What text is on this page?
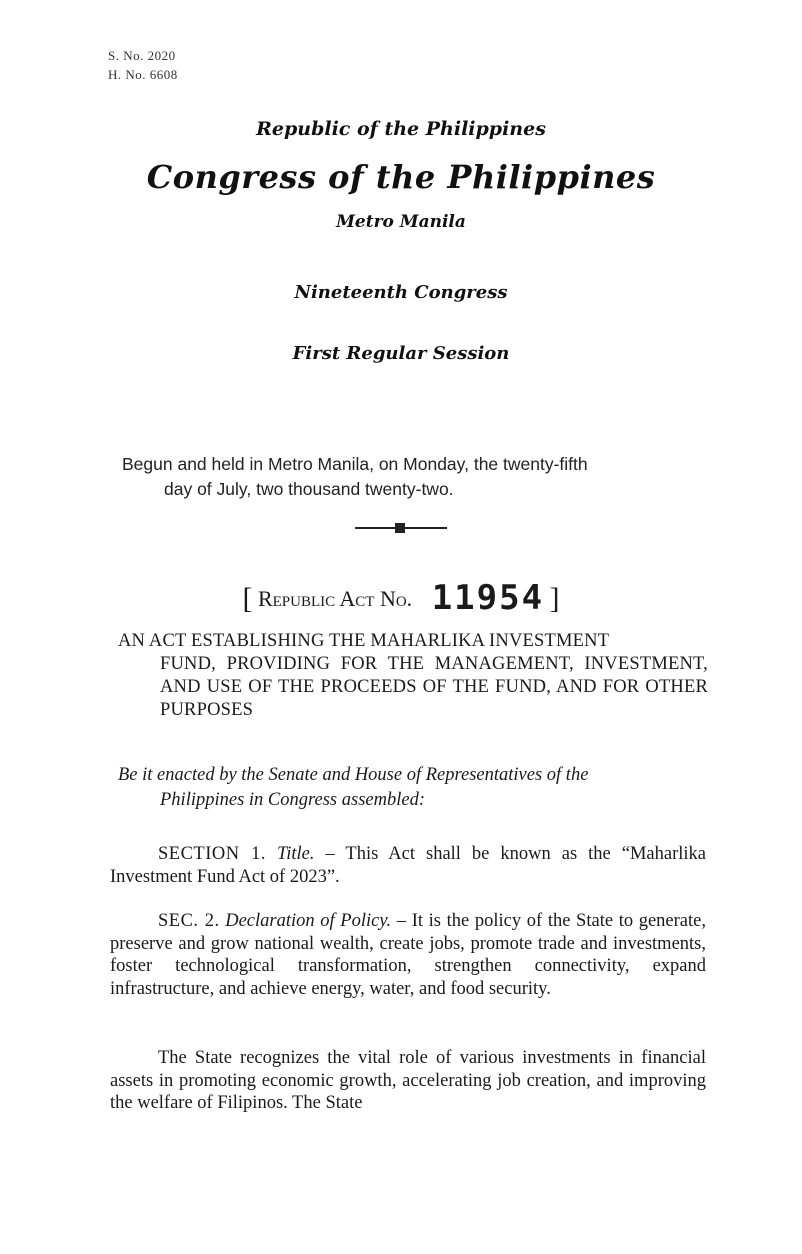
S. No. 2020
H. No. 6608
Republic of the Philippines
Congress of the Philippines
Metro Manila
Nineteenth Congress
First Regular Session
Begun and held in Metro Manila, on Monday, the twenty-fifth
day of July, two thousand twenty-two.
[ Republic Act No. 11954 ]
AN ACT ESTABLISHING THE MAHARLIKA INVESTMENT
FUND, PROVIDING FOR THE MANAGEMENT, INVESTMENT, AND USE OF THE PROCEEDS OF THE FUND, AND FOR OTHER PURPOSES
Be it enacted by the Senate and House of Representatives of the
Philippines in Congress assembled:
SECTION 1. Title. – This Act shall be known as the “Maharlika Investment Fund Act of 2023”.
SEC. 2. Declaration of Policy. – It is the policy of the State to generate, preserve and grow national wealth, create jobs, promote trade and investments, foster technological transformation, strengthen connectivity, expand infrastructure, and achieve energy, water, and food security.
The State recognizes the vital role of various investments in financial assets in promoting economic growth, accelerating job creation, and improving the welfare of Filipinos. The State
